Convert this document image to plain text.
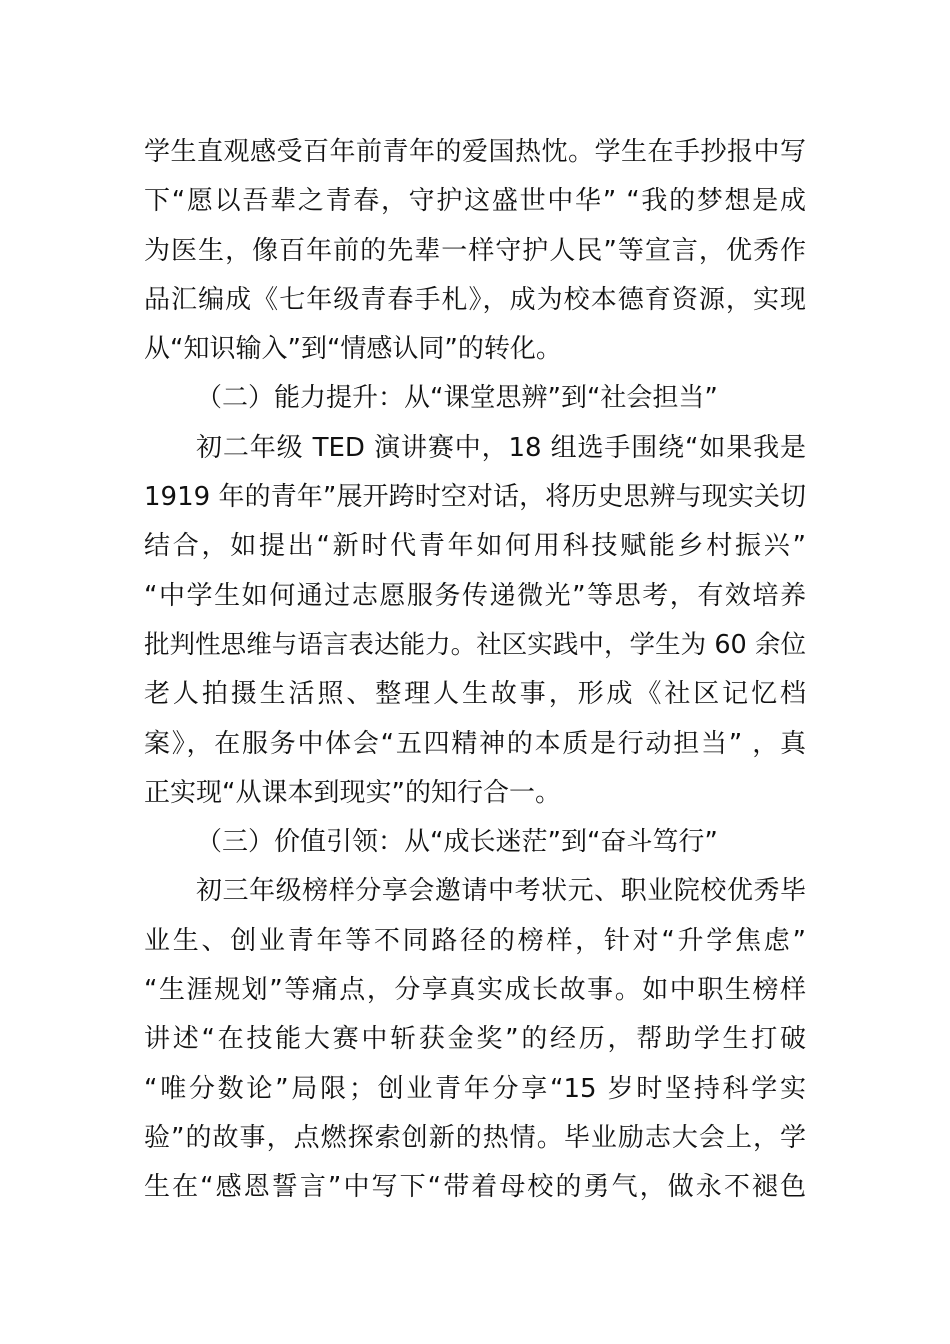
学生直观感受百年前青年的爱国热忱。学生在手抄报中写
下“愿以吾辈之青春，守护这盛世中华” “我的梦想是成
为医生，像百年前的先辈一样守护人民”等宣言，优秀作
品汇编成《七年级青春手札》，成为校本德育资源，实现
从“知识输入”到“情感认同”的转化。
（二）能力提升：从“课堂思辨”到“社会担当”
初二年级 TED 演讲赛中，18 组选手围绕“如果我是
1919 年的青年”展开跨时空对话，将历史思辨与现实关切
结合，如提出“新时代青年如何用科技赋能乡村振兴”
“中学生如何通过志愿服务传递微光”等思考，有效培养
批判性思维与语言表达能力。社区实践中，学生为 60 余位
老人拍摄生活照、整理人生故事，形成《社区记忆档
案》，在服务中体会“五四精神的本质是行动担当” ，真
正实现“从课本到现实”的知行合一。
（三）价值引领：从“成长迷茫”到“奋斗笃行”
初三年级榜样分享会邀请中考状元、职业院校优秀毕
业生、创业青年等不同路径的榜样，针对“升学焦虑”
“生涯规划”等痛点，分享真实成长故事。如中职生榜样
讲述“在技能大赛中斩获金奖”的经历，帮助学生打破
“唯分数论”局限；创业青年分享“15 岁时坚持科学实
验”的故事，点燃探索创新的热情。毕业励志大会上，学
生在“感恩誓言”中写下“带着母校的勇气，做永不褪色
